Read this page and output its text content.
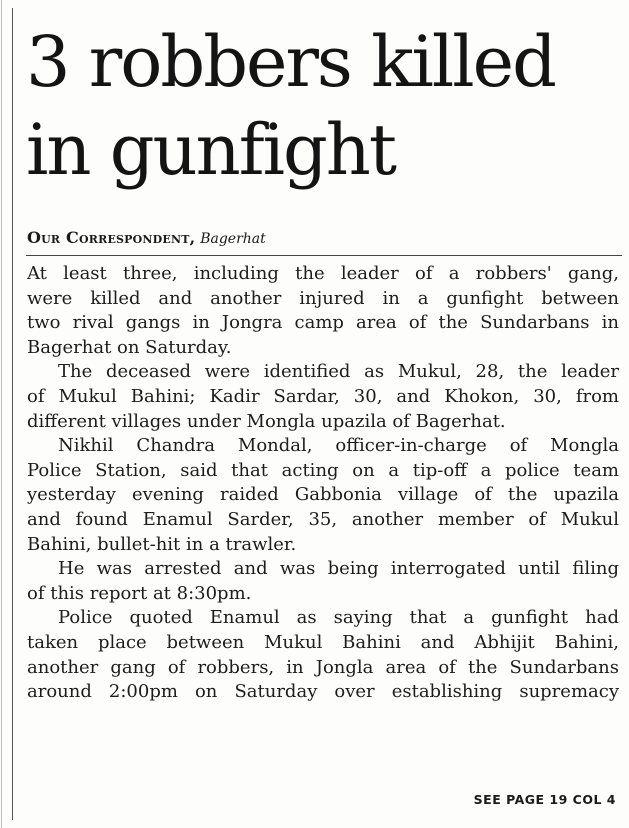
3 robbers killed
in gunfight
Our Correspondent, Bagerhat
At least three, including the leader of a robbers' gang,
were killed and another injured in a gunfight between
two rival gangs in Jongra camp area of the Sundarbans in
Bagerhat on Saturday.
The deceased were identified as Mukul, 28, the leader
of Mukul Bahini; Kadir Sardar, 30, and Khokon, 30, from
different villages under Mongla upazila of Bagerhat.
Nikhil Chandra Mondal, officer-in-charge of Mongla
Police Station, said that acting on a tip-off a police team
yesterday evening raided Gabbonia village of the upazila
and found Enamul Sarder, 35, another member of Mukul
Bahini, bullet-hit in a trawler.
He was arrested and was being interrogated until filing
of this report at 8:30pm.
Police quoted Enamul as saying that a gunfight had
taken place between Mukul Bahini and Abhijit Bahini,
another gang of robbers, in Jongla area of the Sundarbans
around 2:00pm on Saturday over establishing supremacy
SEE PAGE 19 COL 4
